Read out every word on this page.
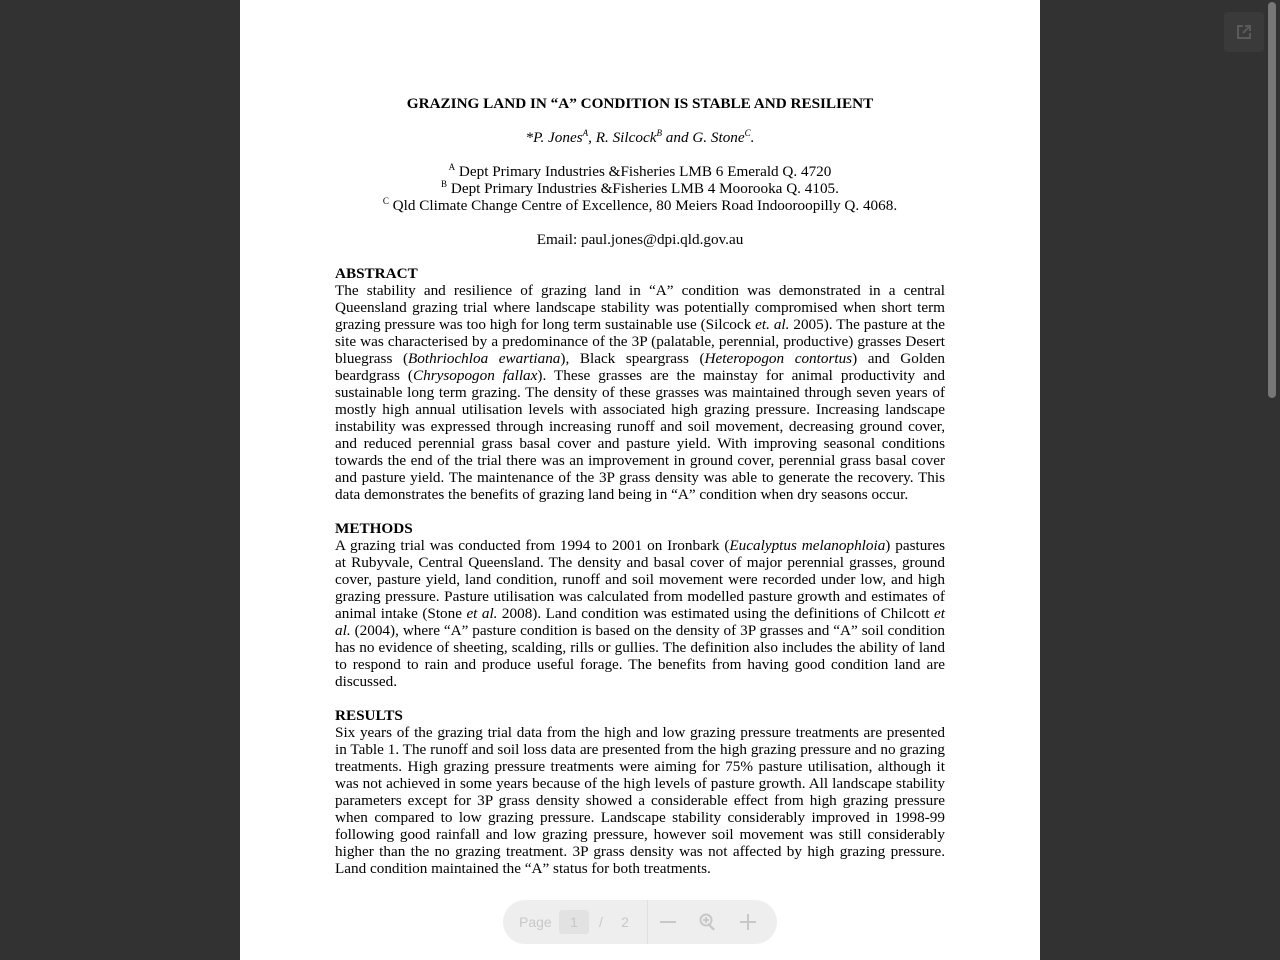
GRAZING LAND IN “A” CONDITION IS STABLE AND RESILIENT

*P. Jones$^A$, R. Silcock$^B$ and G. Stone$^C$.

$^A$ Dept Primary Industries &Fisheries LMB 6 Emerald Q. 4720
$^B$ Dept Primary Industries &Fisheries LMB 4 Moorooka Q. 4105.
$^C$ Qld Climate Change Centre of Excellence, 80 Meiers Road Indooroopilly Q. 4068.

Email: paul.jones@dpi.qld.gov.au

ABSTRACT

The stability and resilience of grazing land in “A” condition was demonstrated in a central Queensland grazing trial where landscape stability was potentially compromised when short term grazing pressure was too high for long term sustainable use (Silcock et. al. 2005). The pasture at the site was characterised by a predominance of the 3P (palatable, perennial, productive) grasses Desert bluegrass (Bothriochloa ewartiana), Black speargrass (Heteropogon contortus) and Golden beardgrass (Chrysopogon fallax). These grasses are the mainstay for animal productivity and sustainable long term grazing. The density of these grasses was maintained through seven years of mostly high annual utilisation levels with associated high grazing pressure. Increasing landscape instability was expressed through increasing runoff and soil movement, decreasing ground cover, and reduced perennial grass basal cover and pasture yield. With improving seasonal conditions towards the end of the trial there was an improvement in ground cover, perennial grass basal cover and pasture yield. The maintenance of the 3P grass density was able to generate the recovery. This data demonstrates the benefits of grazing land being in “A” condition when dry seasons occur.

METHODS

A grazing trial was conducted from 1994 to 2001 on Ironbark (Eucalyptus melanophloia) pastures at Rubyvale, Central Queensland. The density and basal cover of major perennial grasses, ground cover, pasture yield, land condition, runoff and soil movement were recorded under low, and high grazing pressure. Pasture utilisation was calculated from modelled pasture growth and estimates of animal intake (Stone et al. 2008). Land condition was estimated using the definitions of Chilcott et al. (2004), where “A” pasture condition is based on the density of 3P grasses and “A” soil condition has no evidence of sheeting, scalding, rills or gullies. The definition also includes the ability of land to respond to rain and produce useful forage. The benefits from having good condition land are discussed.

RESULTS

Six years of the grazing trial data from the high and low grazing pressure treatments are presented in Table 1. The runoff and soil loss data are presented from the high grazing pressure and no grazing treatments. High grazing pressure treatments were aiming for 75% pasture utilisation, although it was not achieved in some years because of the high levels of pasture growth. All landscape stability parameters except for 3P grass density showed a considerable effect from high grazing pressure when compared to low grazing pressure. Landscape stability considerably improved in 1998-99 following good rainfall and low grazing pressure, however soil movement was still considerably higher than the no grazing treatment. 3P grass density was not affected by high grazing pressure. Land condition maintained the “A” status for both treatments.

Page	1	/	2
